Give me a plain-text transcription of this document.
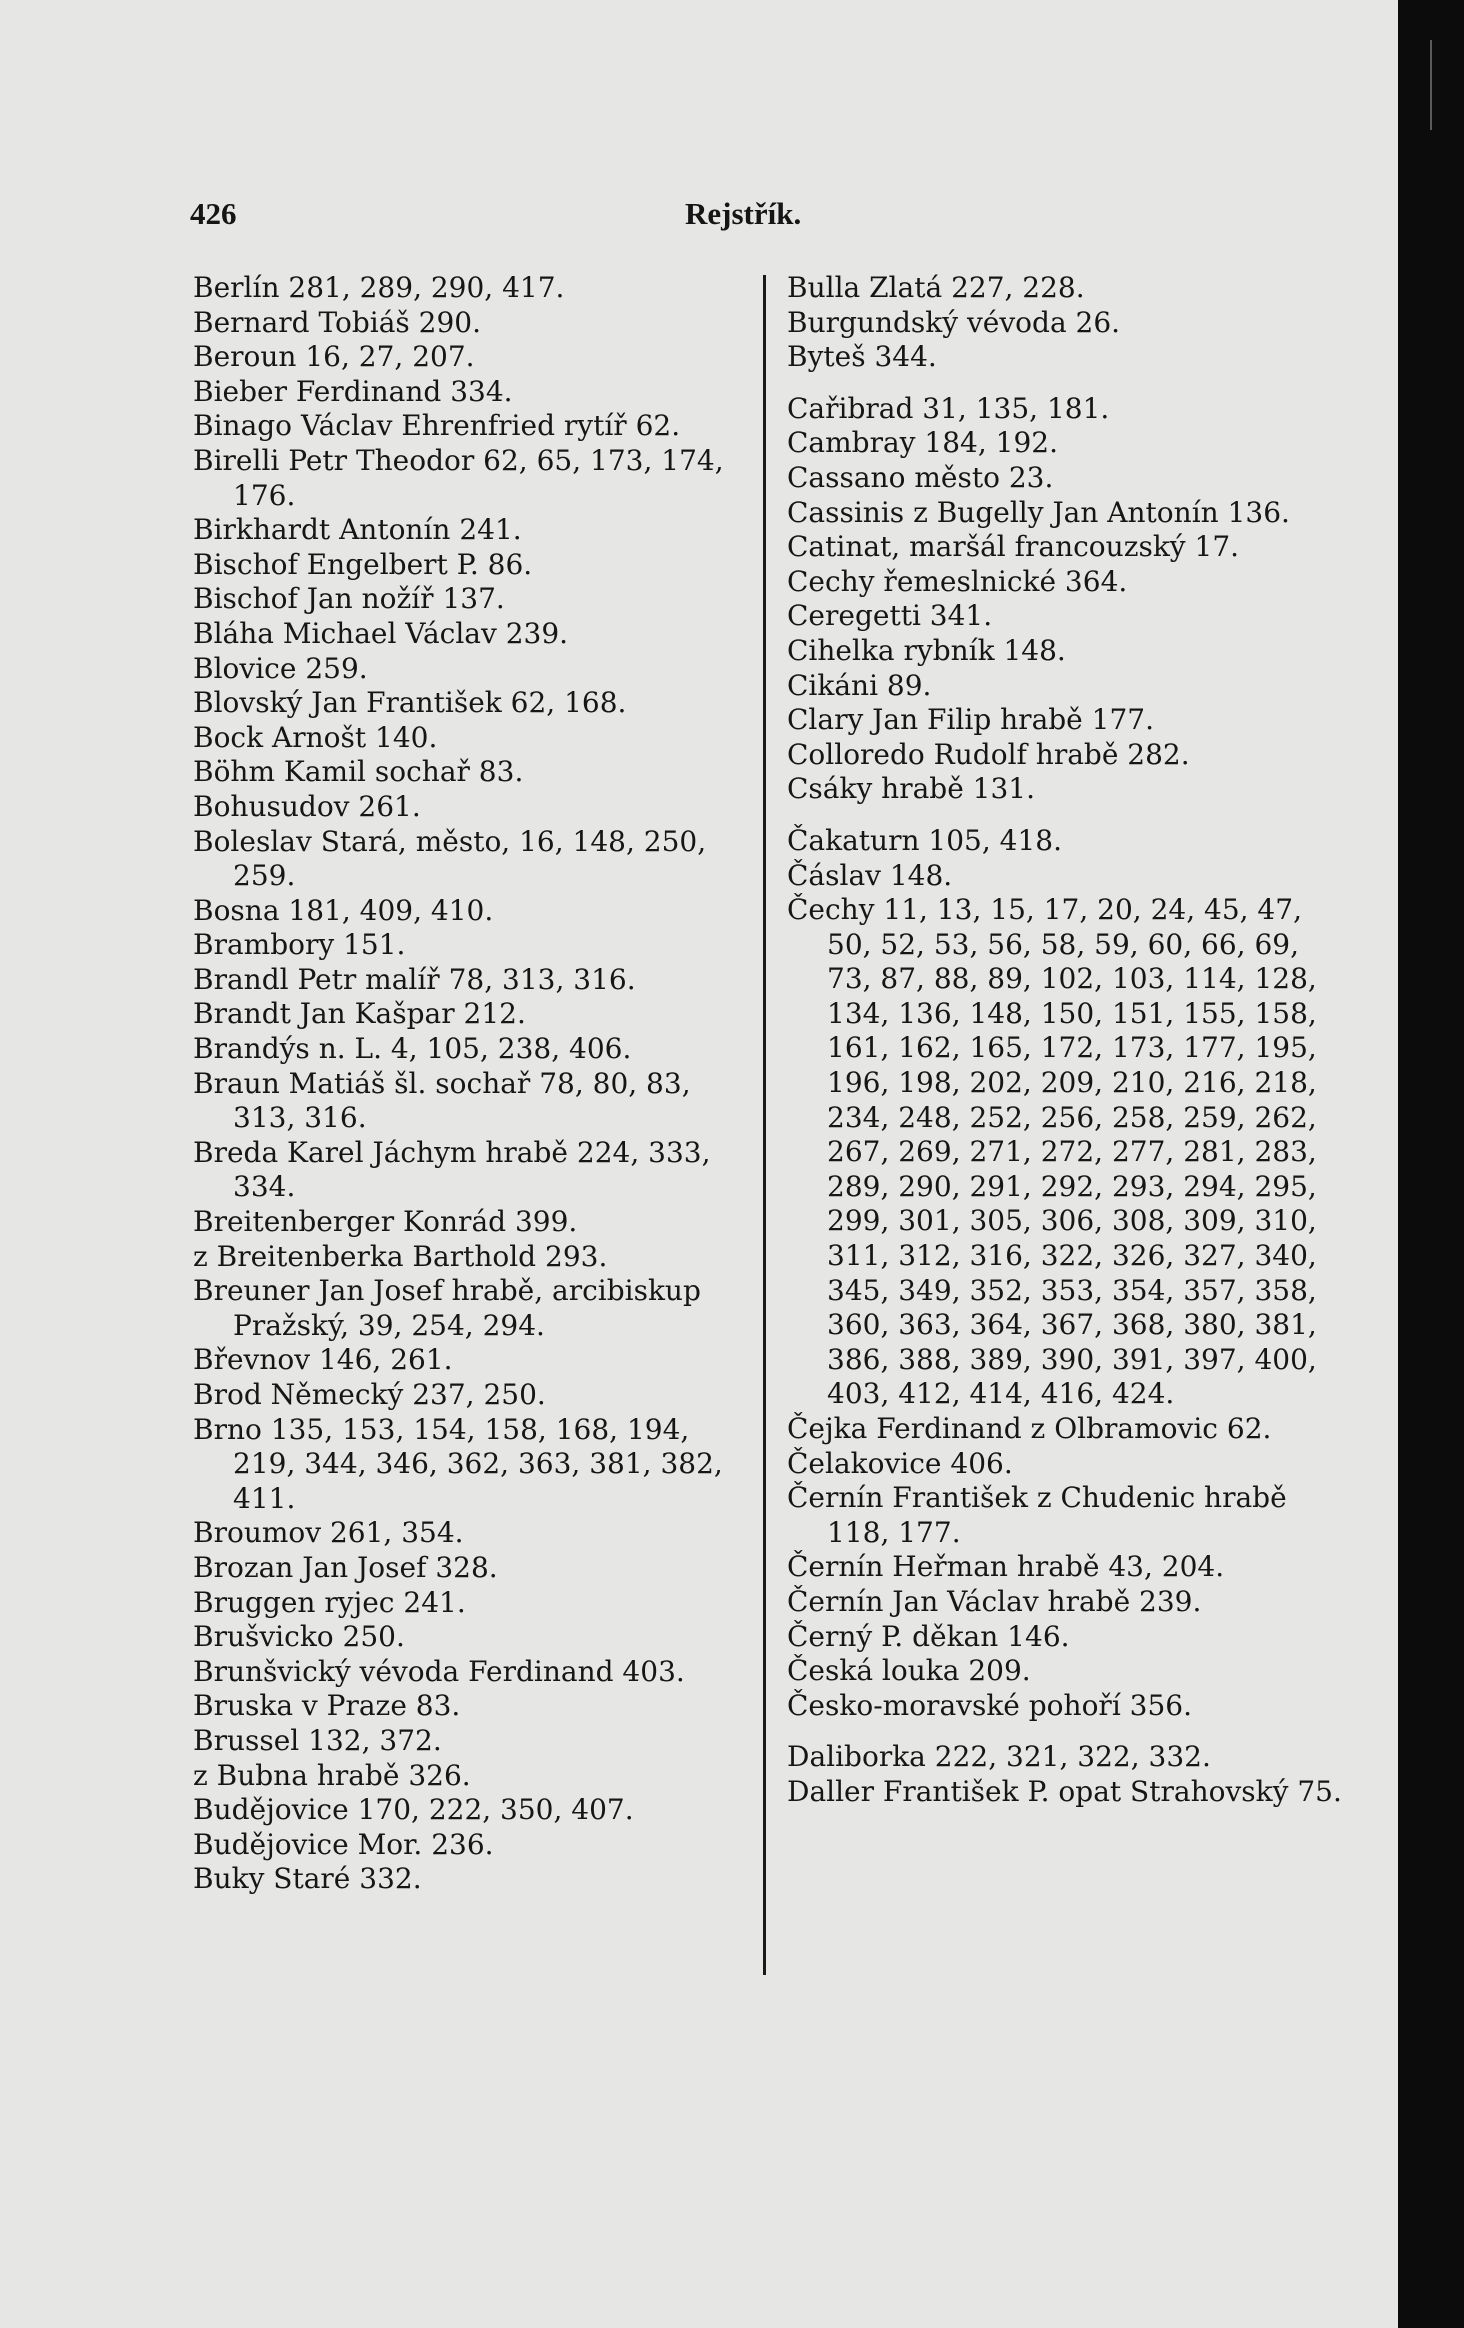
426	Rejstřík.
Berlín 281, 289, 290, 417.
Bernard Tobiáš 290.
Beroun 16, 27, 207.
Bieber Ferdinand 334.
Binago Václav Ehrenfried rytíř 62.
Birelli Petr Theodor 62, 65, 173, 174, 176.
Birkhardt Antonín 241.
Bischof Engelbert P. 86.
Bischof Jan nožíř 137.
Bláha Michael Václav 239.
Blovice 259.
Blovský Jan František 62, 168.
Bock Arnošt 140.
Böhm Kamil sochař 83.
Bohusudov 261.
Boleslav Stará, město, 16, 148, 250, 259.
Bosna 181, 409, 410.
Brambory 151.
Brandl Petr malíř 78, 313, 316.
Brandt Jan Kašpar 212.
Brandýs n. L. 4, 105, 238, 406.
Braun Matiáš šl. sochař 78, 80, 83, 313, 316.
Breda Karel Jáchym hrabě 224, 333, 334.
Breitenberger Konrád 399.
z Breitenberka Barthold 293.
Breuner Jan Josef hrabě, arcibiskup Pražský, 39, 254, 294.
Břevnov 146, 261.
Brod Německý 237, 250.
Brno 135, 153, 154, 158, 168, 194, 219, 344, 346, 362, 363, 381, 382, 411.
Broumov 261, 354.
Brozan Jan Josef 328.
Bruggen ryjec 241.
Brušvicko 250.
Brunšvický vévoda Ferdinand 403.
Bruska v Praze 83.
Brussel 132, 372.
z Bubna hrabě 326.
Budějovice 170, 222, 350, 407.
Budějovice Mor. 236.
Buky Staré 332.
Bulla Zlatá 227, 228.
Burgundský vévoda 26.
Byteš 344.
Cařibrad 31, 135, 181.
Cambray 184, 192.
Cassano město 23.
Cassinis z Bugelly Jan Antonín 136.
Catinat, maršál francouzský 17.
Cechy řemeslnické 364.
Ceregetti 341.
Cihelka rybník 148.
Cikáni 89.
Clary Jan Filip hrabě 177.
Colloredo Rudolf hrabě 282.
Csáky hrabě 131.
Čakaturn 105, 418.
Čáslav 148.
Čechy 11, 13, 15, 17, 20, 24, 45, 47, 50, 52, 53, 56, 58, 59, 60, 66, 69, 73, 87, 88, 89, 102, 103, 114, 128, 134, 136, 148, 150, 151, 155, 158, 161, 162, 165, 172, 173, 177, 195, 196, 198, 202, 209, 210, 216, 218, 234, 248, 252, 256, 258, 259, 262, 267, 269, 271, 272, 277, 281, 283, 289, 290, 291, 292, 293, 294, 295, 299, 301, 305, 306, 308, 309, 310, 311, 312, 316, 322, 326, 327, 340, 345, 349, 352, 353, 354, 357, 358, 360, 363, 364, 367, 368, 380, 381, 386, 388, 389, 390, 391, 397, 400, 403, 412, 414, 416, 424.
Čejka Ferdinand z Olbramovic 62.
Čelakovice 406.
Černín František z Chudenic hrabě 118, 177.
Černín Heřman hrabě 43, 204.
Černín Jan Václav hrabě 239.
Černý P. děkan 146.
Česká louka 209.
Česko-moravské pohoří 356.
Daliborka 222, 321, 322, 332.
Daller František P. opat Strahovský 75.
